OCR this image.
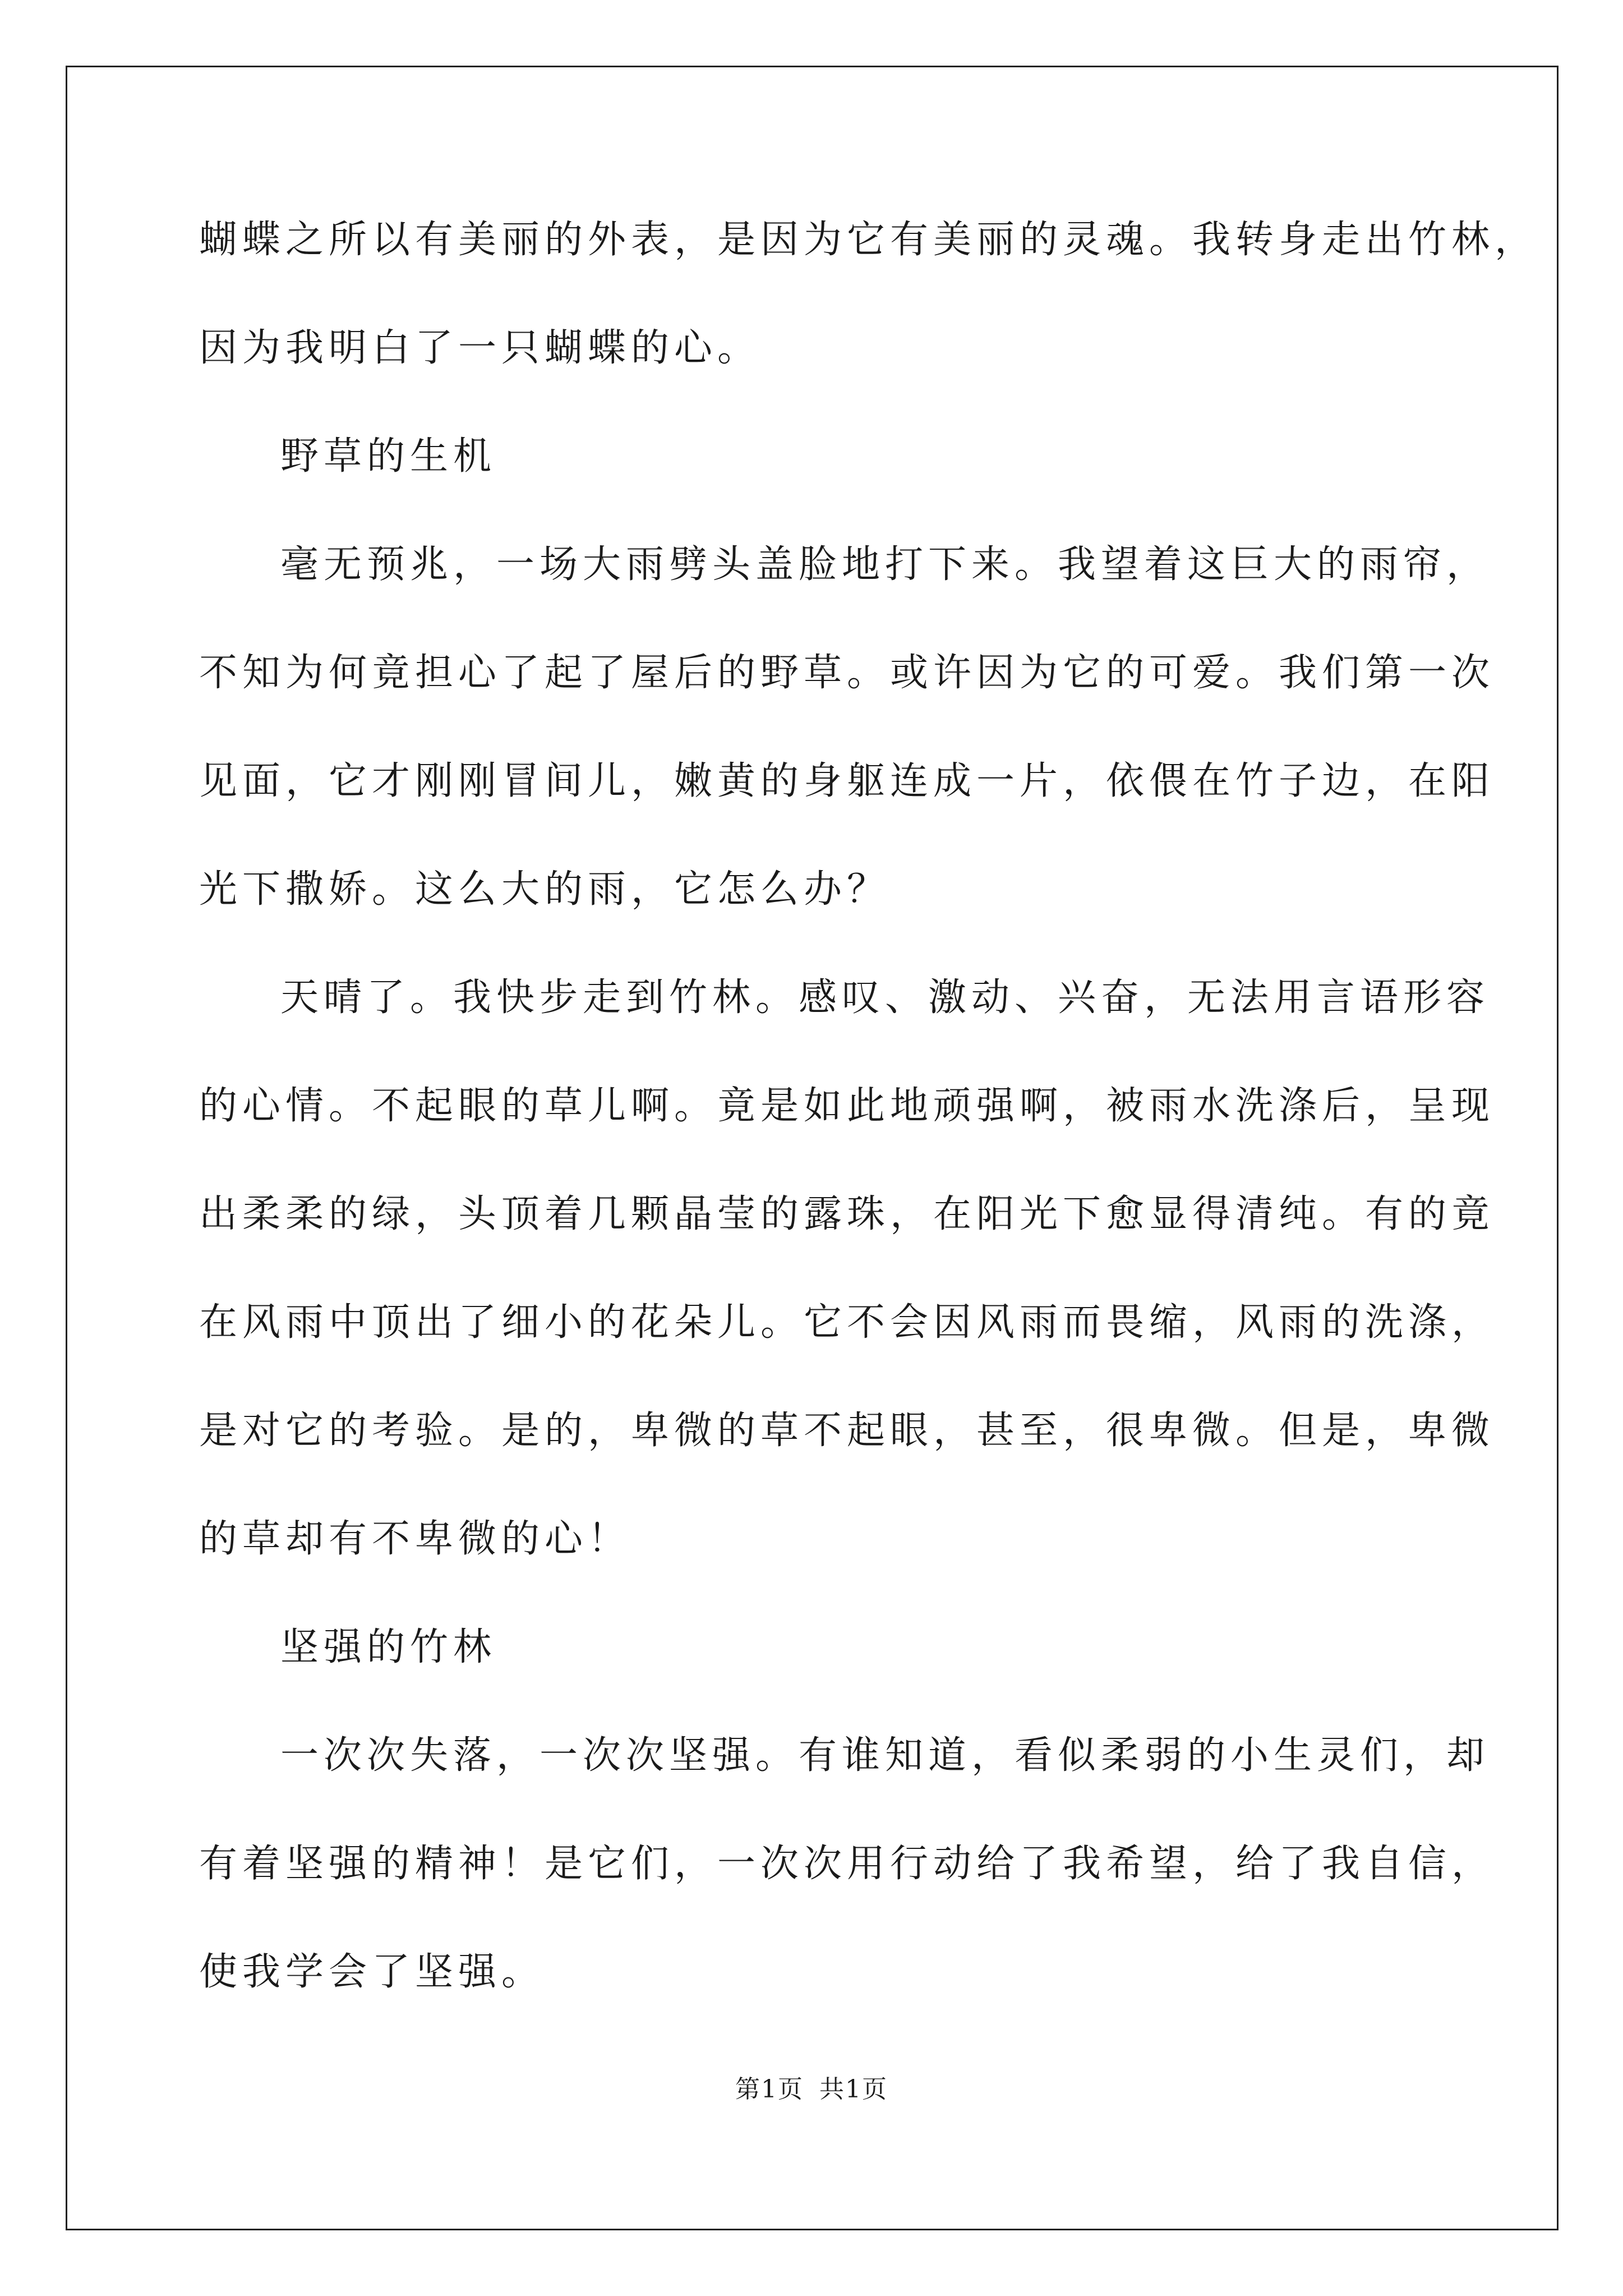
蝴蝶之所以有美丽的外表，是因为它有美丽的灵魂。我转身走出竹林，

因为我明白了一只蝴蝶的心。

野草的生机

毫无预兆，一场大雨劈头盖脸地打下来。我望着这巨大的雨帘，

不知为何竟担心了起了屋后的野草。或许因为它的可爱。我们第一次

见面，它才刚刚冒间儿，嫩黄的身躯连成一片，依偎在竹子边，在阳

光下撒娇。这么大的雨，它怎么办？

天晴了。我快步走到竹林。感叹、激动、兴奋，无法用言语形容

的心情。不起眼的草儿啊。竟是如此地顽强啊，被雨水洗涤后，呈现

出柔柔的绿，头顶着几颗晶莹的露珠，在阳光下愈显得清纯。有的竟

在风雨中顶出了细小的花朵儿。它不会因风雨而畏缩，风雨的洗涤，

是对它的考验。是的，卑微的草不起眼，甚至，很卑微。但是，卑微

的草却有不卑微的心！

坚强的竹林

一次次失落，一次次坚强。有谁知道，看似柔弱的小生灵们，却

有着坚强的精神！是它们，一次次用行动给了我希望，给了我自信，

使我学会了坚强。

第1页 共1页
